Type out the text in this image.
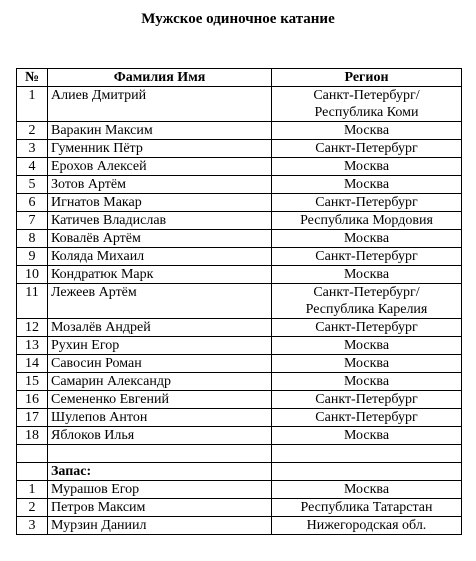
Мужское одиночное катание
№	Фамилия Имя	Регион
1	Алиев Дмитрий	Санкт-Петербург/
Республика Коми

2	Варакин Максим	Москва

3	Гуменник Пётр	Санкт-Петербург

4	Ерохов Алексей	Москва

5	Зотов Артём	Москва

6	Игнатов Макар	Санкт-Петербург

7	Катичев Владислав	Республика Мордовия

8	Ковалёв Артём	Москва

9	Коляда Михаил	Санкт-Петербург

10	Кондратюк Марк	Москва

11	Лежеев Артём	Санкт-Петербург/
Республика Карелия

12	Мозалёв Андрей	Санкт-Петербург

13	Рухин Егор	Москва

14	Савосин Роман	Москва

15	Самарин Александр	Москва

16	Семененко Евгений	Санкт-Петербург

17	Шулепов Антон	Санкт-Петербург

18	Яблоков Илья	Москва

	Запас:	
1	Мурашов Егор	Москва

2	Петров Максим	Республика Татарстан

3	Мурзин Даниил	Нижегородская обл.
